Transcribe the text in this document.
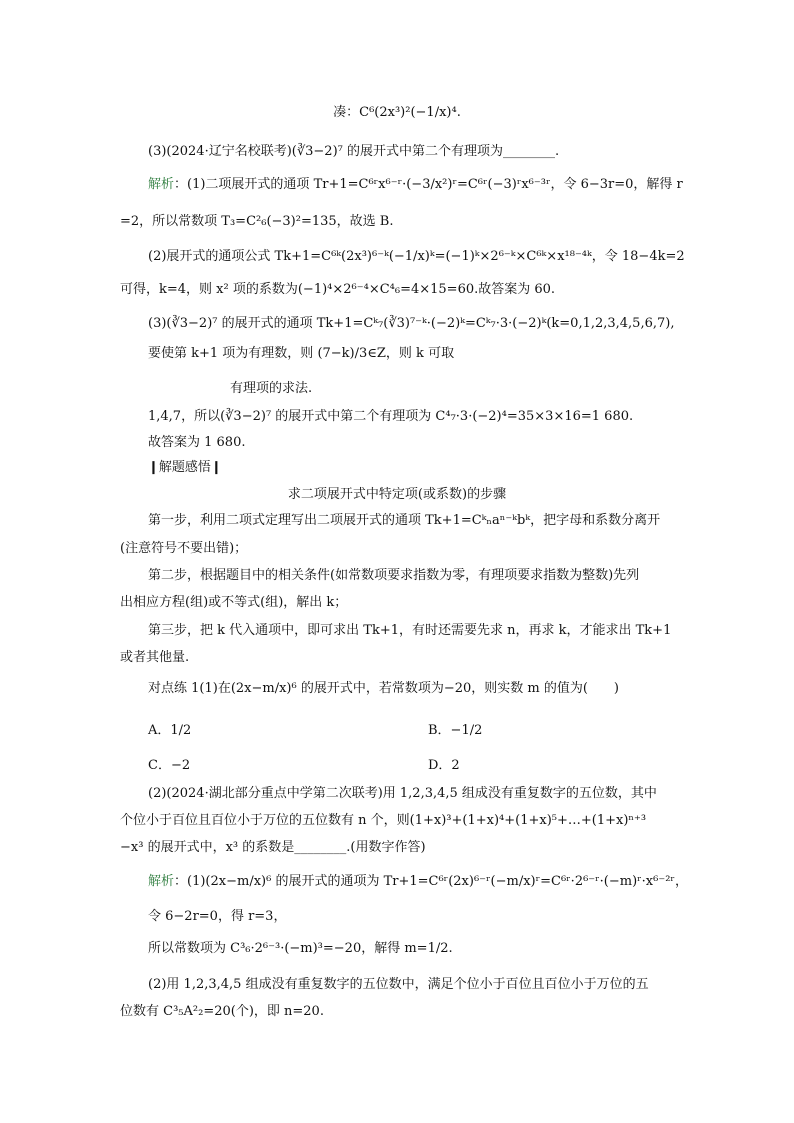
凑：C⁶(2x³)²(−1/x)⁴.
(3)(2024·辽宁名校联考)(∛3−2)⁷ 的展开式中第二个有理项为________.
解析：(1)二项展开式的通项 Tr+1=C⁶ʳx⁶⁻ʳ·(−3/x²)ʳ=C⁶ʳ(−3)ʳx⁶⁻³ʳ，令 6−3r=0，解得 r
=2，所以常数项 T₃=C²₆(−3)²=135，故选 B.
(2)展开式的通项公式 Tk+1=C⁶ᵏ(2x³)⁶⁻ᵏ(−1/x)ᵏ=(−1)ᵏ×2⁶⁻ᵏ×C⁶ᵏ×x¹⁸⁻⁴ᵏ，令 18−4k=2
可得，k=4，则 x² 项的系数为(−1)⁴×2⁶⁻⁴×C⁴₆=4×15=60.故答案为 60.
(3)(∛3−2)⁷ 的展开式的通项 Tk+1=Cᵏ₇(∛3)⁷⁻ᵏ·(−2)ᵏ=Cᵏ₇·3·(−2)ᵏ(k=0,1,2,3,4,5,6,7),
要使第 k+1 项为有理数，则 (7−k)/3∈Z，则 k 可取
有理项的求法.
1,4,7，所以(∛3−2)⁷ 的展开式中第二个有理项为 C⁴₇·3·(−2)⁴=35×3×16=1 680.
故答案为 1 680.
❙解题感悟❙
求二项展开式中特定项(或系数)的步骤
第一步，利用二项式定理写出二项展开式的通项 Tk+1=Cᵏₙaⁿ⁻ᵏbᵏ，把字母和系数分离开
(注意符号不要出错)；
第二步，根据题目中的相关条件(如常数项要求指数为零，有理项要求指数为整数)先列
出相应方程(组)或不等式(组)，解出 k；
第三步，把 k 代入通项中，即可求出 Tk+1，有时还需要先求 n，再求 k，才能求出 Tk+1
或者其他量.
对点练 1(1)在(2x−m/x)⁶ 的展开式中，若常数项为−20，则实数 m 的值为(　　)
A．1/2	B．−1/2
C．−2	D．2
(2)(2024·湖北部分重点中学第二次联考)用 1,2,3,4,5 组成没有重复数字的五位数，其中
个位小于百位且百位小于万位的五位数有 n 个，则(1+x)³+(1+x)⁴+(1+x)⁵+…+(1+x)ⁿ⁺³
−x³ 的展开式中，x³ 的系数是________.(用数字作答)
解析：(1)(2x−m/x)⁶ 的展开式的通项为 Tr+1=C⁶ʳ(2x)⁶⁻ʳ(−m/x)ʳ=C⁶ʳ·2⁶⁻ʳ·(−m)ʳ·x⁶⁻²ʳ，
令 6−2r=0，得 r=3，
所以常数项为 C³₆·2⁶⁻³·(−m)³=−20，解得 m=1/2.
(2)用 1,2,3,4,5 组成没有重复数字的五位数中，满足个位小于百位且百位小于万位的五
位数有 C³₅A²₂=20(个)，即 n=20.
